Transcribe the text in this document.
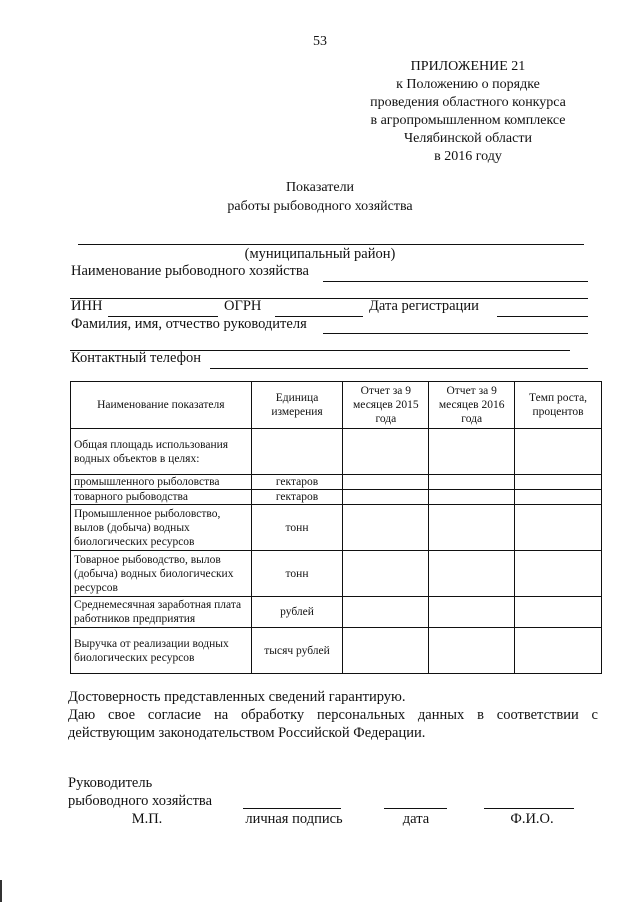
53
ПРИЛОЖЕНИЕ 21
к Положению о порядке
проведения областного конкурса
в агропромышленном комплексе
Челябинской области
в 2016 году
Показатели
работы рыбоводного хозяйства
(муниципальный район)
Наименование рыбоводного хозяйства
ИНН	ОГРН	Дата регистрации
Фамилия, имя, отчество руководителя
Контактный телефон
Наименование показателя	Единица измерения	Отчет за 9 месяцев 2015 года	Отчет за 9 месяцев 2016 года	Темп роста, процентов
Общая площадь использования водных объектов в целях:				
промышленного рыболовства	гектаров			
товарного рыбоводства	гектаров			
Промышленное рыболовство, вылов (добыча) водных биологических ресурсов	тонн			
Товарное рыбоводство, вылов (добыча) водных биологических ресурсов	тонн			
Среднемесячная заработная плата работников предприятия	рублей			
Выручка от реализации водных биологических ресурсов	тысяч рублей			
Достоверность представленных сведений гарантирую.
Даю свое согласие на обработку персональных данных в соответствии с действующим законодательством Российской Федерации.
Руководитель
рыбоводного хозяйства
М.П.	личная подпись	дата	Ф.И.О.
